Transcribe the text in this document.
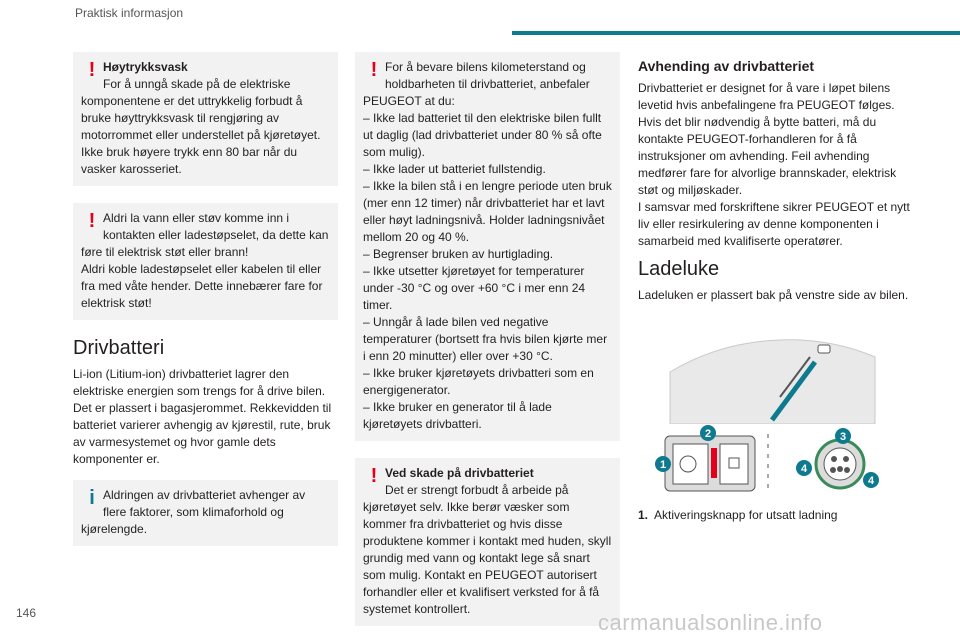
Praktisk informasjon
! Høytrykksvask
For å unngå skade på de elektriske komponentene er det uttrykkelig forbudt å bruke høyttrykksvask til rengjøring av motorrommet eller understellet på kjøretøyet. Ikke bruk høyere trykk enn 80 bar når du vasker karosseriet.

! Aldri la vann eller støv komme inn i kontakten eller ladestøpselet, da dette kan føre til elektrisk støt eller brann!

Aldri koble ladestøpselet eller kabelen til eller fra med våte hender. Dette innebærer fare for elektrisk støt!

Drivbatteri

Li-ion (Litium-ion) drivbatteriet lagrer den elektriske energien som trengs for å drive bilen. Det er plassert i bagasjerommet. Rekkevidden til batteriet varierer avhengig av kjørestil, rute, bruk av varmesystemet og hvor gamle dets komponenter er.

i Aldringen av drivbatteriet avhenger av flere faktorer, som klimaforhold og kjørelengde.

! For å bevare bilens kilometerstand og holdbarheten til drivbatteriet, anbefaler PEUGEOT at du:

– Ikke lad batteriet til den elektriske bilen fullt ut daglig (lad drivbatteriet under 80 % så ofte som mulig).

– Ikke lader ut batteriet fullstendig.

– Ikke la bilen stå i en lengre periode uten bruk (mer enn 12 timer) når drivbatteriet har et lavt eller høyt ladningsnivå. Holder ladningsnivået mellom 20 og 40 %.

– Begrenser bruken av hurtiglading.

– Ikke utsetter kjøretøyet for temperaturer under -30 °C og over +60 °C i mer enn 24 timer.

– Unngår å lade bilen ved negative temperaturer (bortsett fra hvis bilen kjørte mer i enn 20 minutter) eller over +30 °C.

– Ikke bruker kjøretøyets drivbatteri som en energigenerator.

– Ikke bruker en generator til å lade kjøretøyets drivbatteri.

! Ved skade på drivbatteriet
Det er strengt forbudt å arbeide på kjøretøyet selv. Ikke berør væsker som kommer fra drivbatteriet og hvis disse produktene kommer i kontakt med huden, skyll grundig med vann og kontakt lege så snart som mulig. Kontakt en PEUGEOT autorisert forhandler eller et kvalifisert verksted for å få systemet kontrollert.

Avhending av drivbatteriet

Drivbatteriet er designet for å vare i løpet bilens levetid hvis anbefalingene fra PEUGEOT følges. Hvis det blir nødvendig å bytte batteri, må du kontakte PEUGEOT-forhandleren for å få instruksjoner om avhending. Feil avhending medfører fare for alvorlige brannskader, elektrisk støt og miljøskader.

I samsvar med forskriftene sikrer PEUGEOT et nytt liv eller resirkulering av denne komponenten i samarbeid med kvalifiserte operatører.

Ladeluke

Ladeluken er plassert bak på venstre side av bilen.

1
2	3
4
4
1. Aktiveringsknapp for utsatt ladning
146	carmanualsonline.info
